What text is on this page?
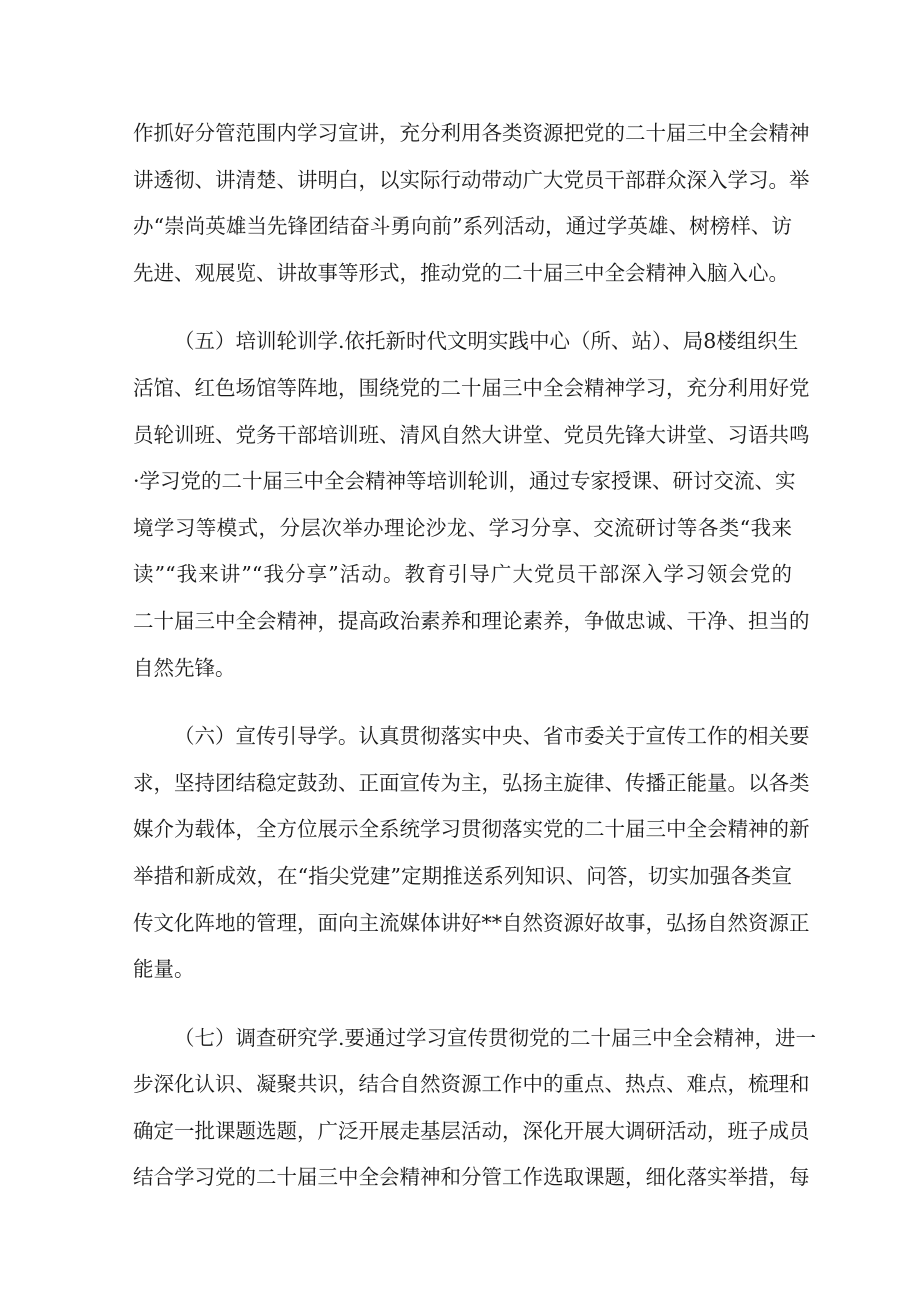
作抓好分管范围内学习宣讲，充分利用各类资源把党的二十届三中全会精神
讲透彻、讲清楚、讲明白，以实际行动带动广大党员干部群众深入学习。举
办“崇尚英雄当先锋团结奋斗勇向前”系列活动，通过学英雄、树榜样、访
先进、观展览、讲故事等形式，推动党的二十届三中全会精神入脑入心。
（五）培训轮训学.依托新时代文明实践中心（所、站）、局8楼组织生
活馆、红色场馆等阵地，围绕党的二十届三中全会精神学习，充分利用好党
员轮训班、党务干部培训班、清风自然大讲堂、党员先锋大讲堂、习语共鸣
·学习党的二十届三中全会精神等培训轮训，通过专家授课、研讨交流、实
境学习等模式，分层次举办理论沙龙、学习分享、交流研讨等各类“我来
读”“我来讲”“我分享”活动。教育引导广大党员干部深入学习领会党的
二十届三中全会精神，提高政治素养和理论素养，争做忠诚、干净、担当的
自然先锋。
（六）宣传引导学。认真贯彻落实中央、省市委关于宣传工作的相关要
求，坚持团结稳定鼓劲、正面宣传为主，弘扬主旋律、传播正能量。以各类
媒介为载体，全方位展示全系统学习贯彻落实党的二十届三中全会精神的新
举措和新成效，在“指尖党建”定期推送系列知识、问答，切实加强各类宣
传文化阵地的管理，面向主流媒体讲好**自然资源好故事，弘扬自然资源正
能量。
（七）调查研究学.要通过学习宣传贯彻党的二十届三中全会精神，进一
步深化认识、凝聚共识，结合自然资源工作中的重点、热点、难点，梳理和
确定一批课题选题，广泛开展走基层活动，深化开展大调研活动，班子成员
结合学习党的二十届三中全会精神和分管工作选取课题，细化落实举措，每
